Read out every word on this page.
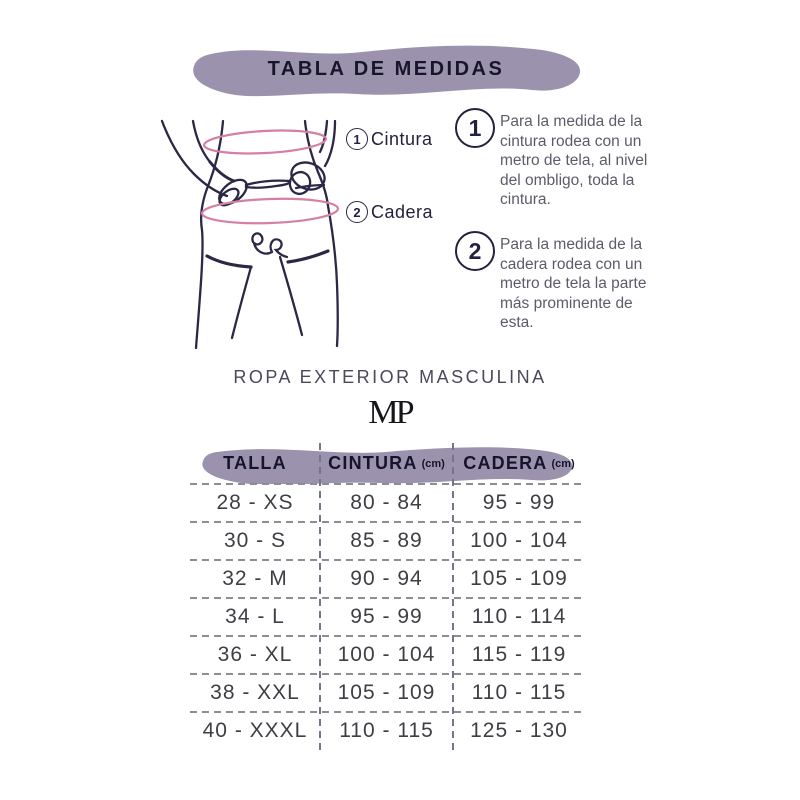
TABLA DE MEDIDAS
1 Cintura
2 Cadera
1	Para la medida de la cintura rodea con un metro de tela, al nivel del ombligo, toda la cintura.
2	Para la medida de la cadera rodea con un metro de tela la parte más prominente de esta.
ROPA EXTERIOR MASCULINA
MP
TALLA CINTURA (cm) CADERA (cm)
28 - XS	80 - 84	95 - 99
30 - S	85 - 89	100 - 104
32 - M	90 - 94	105 - 109
34 - L	95 - 99	110 - 114
36 - XL	100 - 104	115 - 119
38 - XXL	105 - 109	110 - 115
40 - XXXL	110 - 115	125 - 130
